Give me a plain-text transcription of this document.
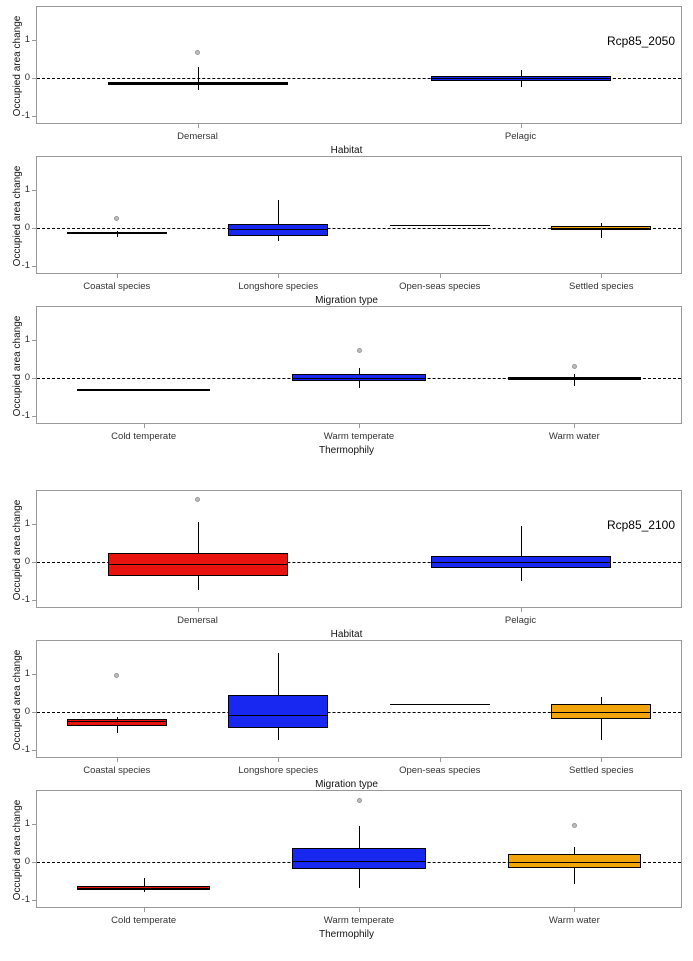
Occupied area change
-1
0
1
Demersal	Pelagic
Habitat
Rcp85_2050
Occupied area change
-1
0
1
Coastal species	Longshore species	Open-seas species	Settled species
Migration type
Occupied area change
-1
0
1
Cold temperate	Warm temperate	Warm water
Thermophily
Occupied area change
-1
0
1
Demersal	Pelagic
Habitat
Rcp85_2100
Occupied area change
-1
0
1
Coastal species	Longshore species	Open-seas species	Settled species
Migration type
Occupied area change
-1
0
1
Cold temperate	Warm temperate	Warm water
Thermophily
